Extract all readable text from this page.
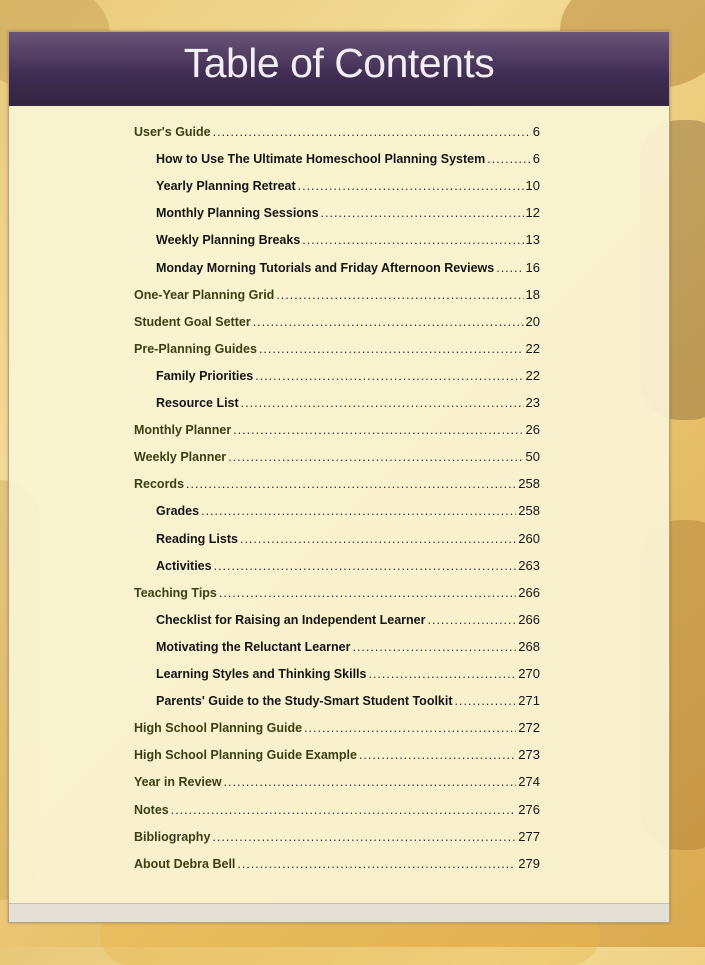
Table of Contents
User's Guide .....	6
How to Use The Ultimate Homeschool Planning System .....	6
Yearly Planning Retreat .....	10
Monthly Planning Sessions .....	12
Weekly Planning Breaks .....	13
Monday Morning Tutorials and Friday Afternoon Reviews ..... 16
One-Year Planning Grid .....	18
Student Goal Setter .....	20
Pre-Planning Guides .....	22
Family Priorities .....	22
Resource List .....	23
Monthly Planner .....	26
Weekly Planner .....	50
Records .....	258
Grades .....	258
Reading Lists .....	260
Activities .....	263
Teaching Tips .....	266
Checklist for Raising an Independent Learner .....	266
Motivating the Reluctant Learner .....	268
Learning Styles and Thinking Skills .....	270
Parents' Guide to the Study-Smart Student Toolkit .....	271
High School Planning Guide .....	272
High School Planning Guide Example .....	273
Year in Review .....	274
Notes .....	276
Bibliography .....	277
About Debra Bell .....	279
